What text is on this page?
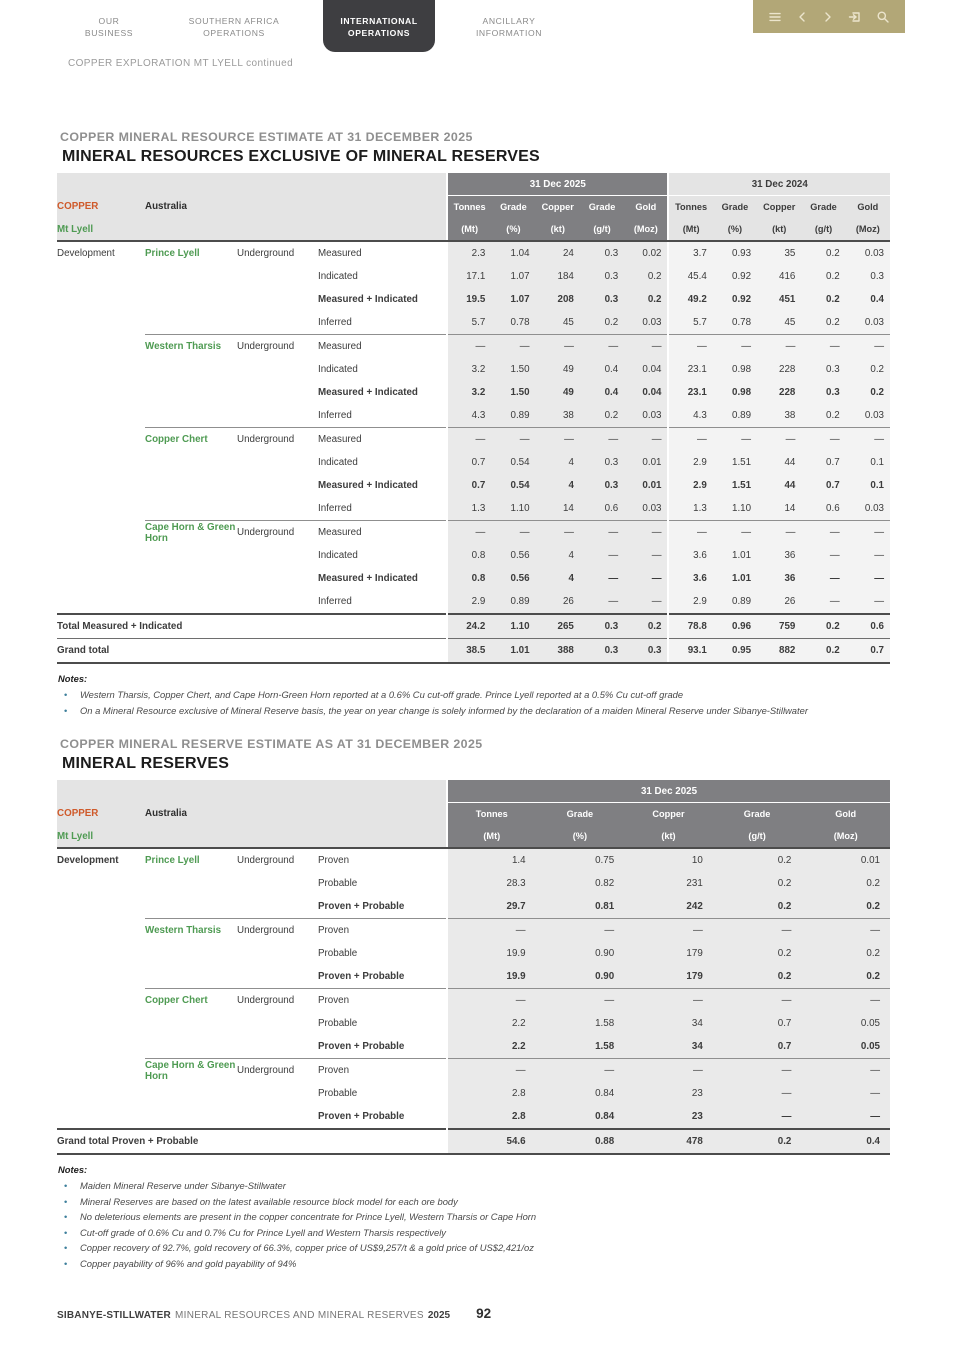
OUR BUSINESS
SOUTHERN AFRICA OPERATIONS
INTERNATIONAL OPERATIONS
ANCILLARY INFORMATION
COPPER EXPLORATION MT LYELL continued
COPPER MINERAL RESOURCE ESTIMATE AT 31 DECEMBER 2025
MINERAL RESOURCES EXCLUSIVE OF MINERAL RESERVES
				31 Dec 2025					31 Dec 2024				
COPPER	Australia			Tonnes	Grade	Copper	Grade	Gold	Tonnes	Grade	Copper	Grade	Gold
Mt Lyell				(Mt)	(%)	(kt)	(g/t)	(Moz)	(Mt)	(%)	(kt)	(g/t)	(Moz)
Development	Prince Lyell	Underground	Measured	2.3	1.04	24	0.3	0.02	3.7	0.93	35	0.2	0.03
			Indicated	17.1	1.07	184	0.3	0.2	45.4	0.92	416	0.2	0.3
			Measured + Indicated	19.5	1.07	208	0.3	0.2	49.2	0.92	451	0.2	0.4
			Inferred	5.7	0.78	45	0.2	0.03	5.7	0.78	45	0.2	0.03
	Western Tharsis	Underground	Measured	—	—	—	—	—	—	—	—	—	—
			Indicated	3.2	1.50	49	0.4	0.04	23.1	0.98	228	0.3	0.2
			Measured + Indicated	3.2	1.50	49	0.4	0.04	23.1	0.98	228	0.3	0.2
			Inferred	4.3	0.89	38	0.2	0.03	4.3	0.89	38	0.2	0.03
	Copper Chert	Underground	Measured	—	—	—	—	—	—	—	—	—	—
			Indicated	0.7	0.54	4	0.3	0.01	2.9	1.51	44	0.7	0.1
			Measured + Indicated	0.7	0.54	4	0.3	0.01	2.9	1.51	44	0.7	0.1
			Inferred	1.3	1.10	14	0.6	0.03	1.3	1.10	14	0.6	0.03
	Cape Horn & Green Horn	Underground	Measured	—	—	—	—	—	—	—	—	—	—
			Indicated	0.8	0.56	4	—	—	3.6	1.01	36	—	—
			Measured + Indicated	0.8	0.56	4	—	—	3.6	1.01	36	—	—
			Inferred	2.9	0.89	26	—	—	2.9	0.89	26	—	—
Total Measured + Indicated				24.2	1.10	265	0.3	0.2	78.8	0.96	759	0.2	0.6
Grand total				38.5	1.01	388	0.3	0.3	93.1	0.95	882	0.2	0.7
Notes:
• Western Tharsis, Copper Chert, and Cape Horn-Green Horn reported at a 0.6% Cu cut-off grade. Prince Lyell reported at a 0.5% Cu cut-off grade
• On a Mineral Resource exclusive of Mineral Reserve basis, the year on year change is solely informed by the declaration of a maiden Mineral Reserve under Sibanye-Stillwater
COPPER MINERAL RESERVE ESTIMATE AS AT 31 DECEMBER 2025
MINERAL RESERVES
				31 Dec 2025				
COPPER	Australia			Tonnes	Grade	Copper	Grade	Gold
Mt Lyell				(Mt)	(%)	(kt)	(g/t)	(Moz)
Development	Prince Lyell	Underground	Proven	1.4	0.75	10	0.2	0.01
			Probable	28.3	0.82	231	0.2	0.2
			Proven + Probable	29.7	0.81	242	0.2	0.2
	Western Tharsis	Underground	Proven	—	—	—	—	—
			Probable	19.9	0.90	179	0.2	0.2
			Proven + Probable	19.9	0.90	179	0.2	0.2
	Copper Chert	Underground	Proven	—	—	—	—	—
			Probable	2.2	1.58	34	0.7	0.05
			Proven + Probable	2.2	1.58	34	0.7	0.05
	Cape Horn & Green Horn	Underground	Proven	—	—	—	—	—
			Probable	2.8	0.84	23	—	—
			Proven + Probable	2.8	0.84	23	—	—
Grand total Proven + Probable				54.6	0.88	478	0.2	0.4
Notes:
• Maiden Mineral Reserve under Sibanye-Stillwater
• Mineral Reserves are based on the latest available resource block model for each ore body
• No deleterious elements are present in the copper concentrate for Prince Lyell, Western Tharsis or Cape Horn
• Cut-off grade of 0.6% Cu and 0.7% Cu for Prince Lyell and Western Tharsis respectively
• Copper recovery of 92.7%, gold recovery of 66.3%, copper price of US$9,257/t & a gold price of US$2,421/oz
• Copper payability of 96% and gold payability of 94%
SIBANYE-STILLWATER MINERAL RESOURCES AND MINERAL RESERVES 2025 92
